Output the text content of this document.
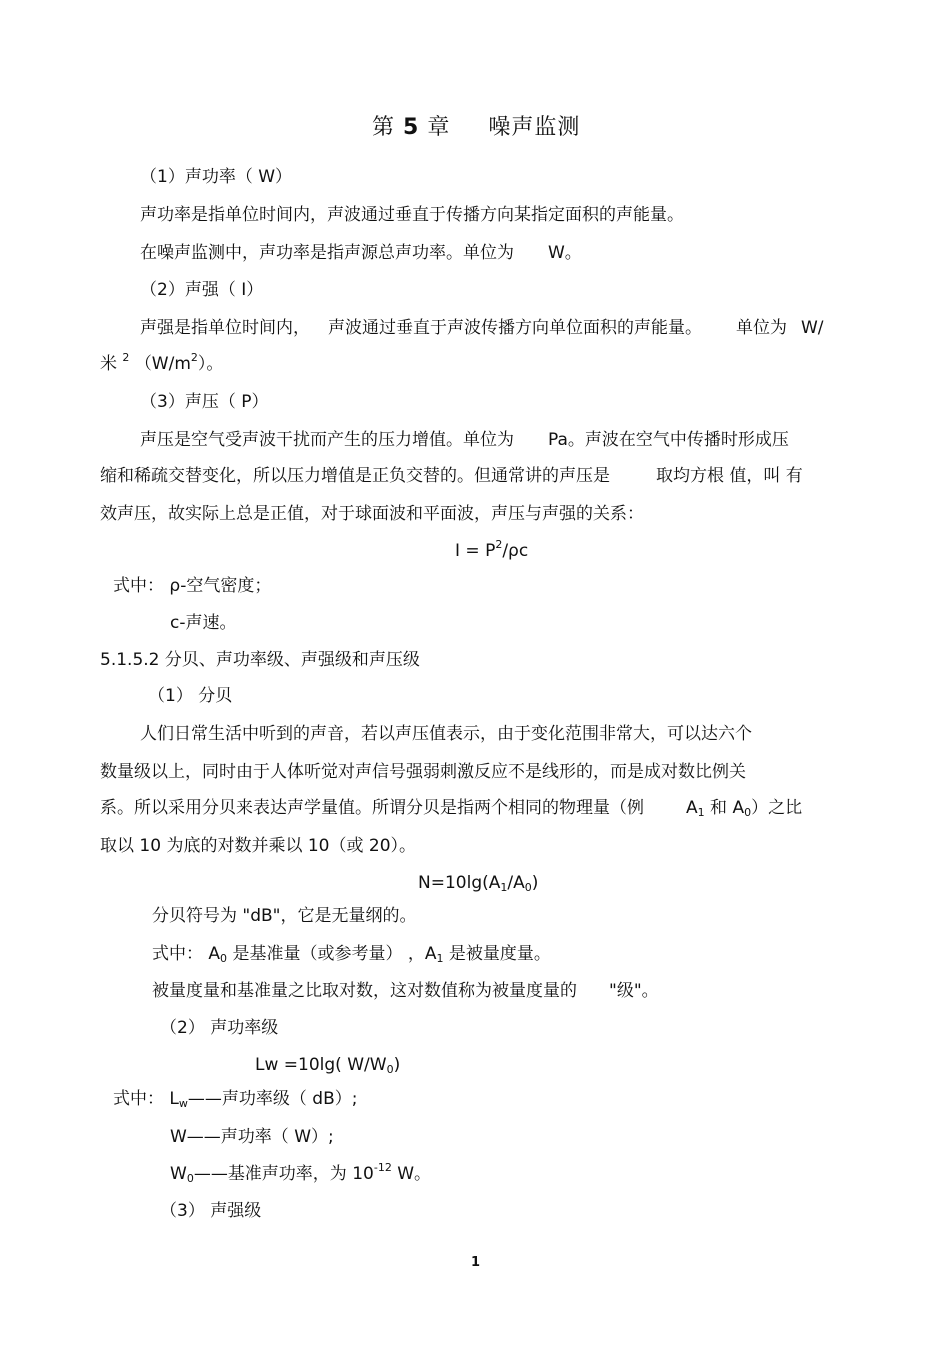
第 5 章 噪声监测
（1）声功率（ W）
声功率是指单位时间内，声波通过垂直于传播方向某指定面积的声能量。
在噪声监测中，声功率是指声源总声功率。单位为 W。
（2）声强（ I）
声强是指单位时间内， 声波通过垂直于声波传播方向单位面积的声能量。 单位为 W/
米 $^2$ $(W/m^2)$。
（3）声压（ P）
声压是空气受声波干扰而产生的压力增值。单位为 Pa。声波在空气中传播时形成压
缩和稀疏交替变化，所以压力增值是正负交替的。但通常讲的声压是	取均方根 值，叫 有
效声压，故实际上总是正值，对于球面波和平面波，声压与声强的关系：
$I = P^2/\rho c$
式中： ρ-空气密度；
c-声速。
5.1.5.2 分贝、声功率级、声强级和声压级
（1） 分贝
人们日常生活中听到的声音，若以声压值表示，由于变化范围非常大，可以达六个
数量级以上，同时由于人体听觉对声信号强弱刺激反应不是线形的，而是成对数比例关
系。所以采用分贝来表达声学量值。所谓分贝是指两个相同的物理量（例 A1 和 A0）之比
取以 10 为底的对数并乘以 10（或 20）。
N=10lg(A1/A0)
分贝符号为 "dB"，它是无量纲的。
式中： A0 是基准量（或参考量） ，A1 是被量度量。
被量度量和基准量之比取对数，这对数值称为被量度量的 "级"。
（2） 声功率级
Lw =10lg( W/W0)
式中： Lw——声功率级（ dB）;
W——声功率（ W）;
W0——基准声功率，为 $10^{-12}$ W。
（3） 声强级
1
